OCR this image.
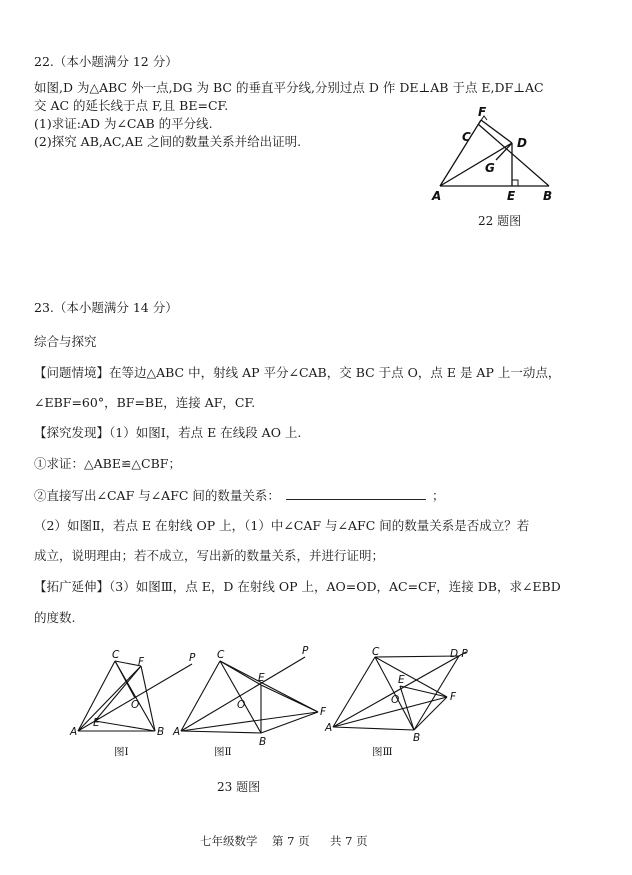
22.（本小题满分 12 分）
如图,D 为△ABC 外一点,DG 为 BC 的垂直平分线,分别过点 D 作 DE⊥AB 于点 E,DF⊥AC
交 AC 的延长线于点 F,且 BE=CF.
(1)求证:AD 为∠CAB 的平分线.
(2)探究 AB,AC,AE 之间的数量关系并给出证明.
F
C	D
G
A	E B
22 题图
23.（本小题满分 14 分）
综合与探究
【问题情境】在等边△ABC 中，射线 AP 平分∠CAB，交 BC 于点 O，点 E 是 AP 上一动点，
∠EBF=60°，BF=BE，连接 AF，CF.
【探究发现】（1）如图Ⅰ，若点 E 在线段 AO 上.
①求证：△ABE≌△CBF；
②直接写出∠CAF 与∠AFC 间的数量关系：	；
（2）如图Ⅱ，若点 E 在射线 OP 上，（1）中∠CAF 与∠AFC 间的数量关系是否成立？若
成立，说明理由；若不成立，写出新的数量关系，并进行证明；
【拓广延伸】（3）如图Ⅲ，点 E，D 在射线 OP 上，AO=OD，AC=CF，连接 DB，求∠EBD
的度数.
C
F	P
O
E
A	B
C	P
E
O
A
F
B
C	D P
E
O	F
A
B
图Ⅰ	图Ⅱ	图Ⅲ
23 题图
七年级数学 第 7 页 共 7 页
